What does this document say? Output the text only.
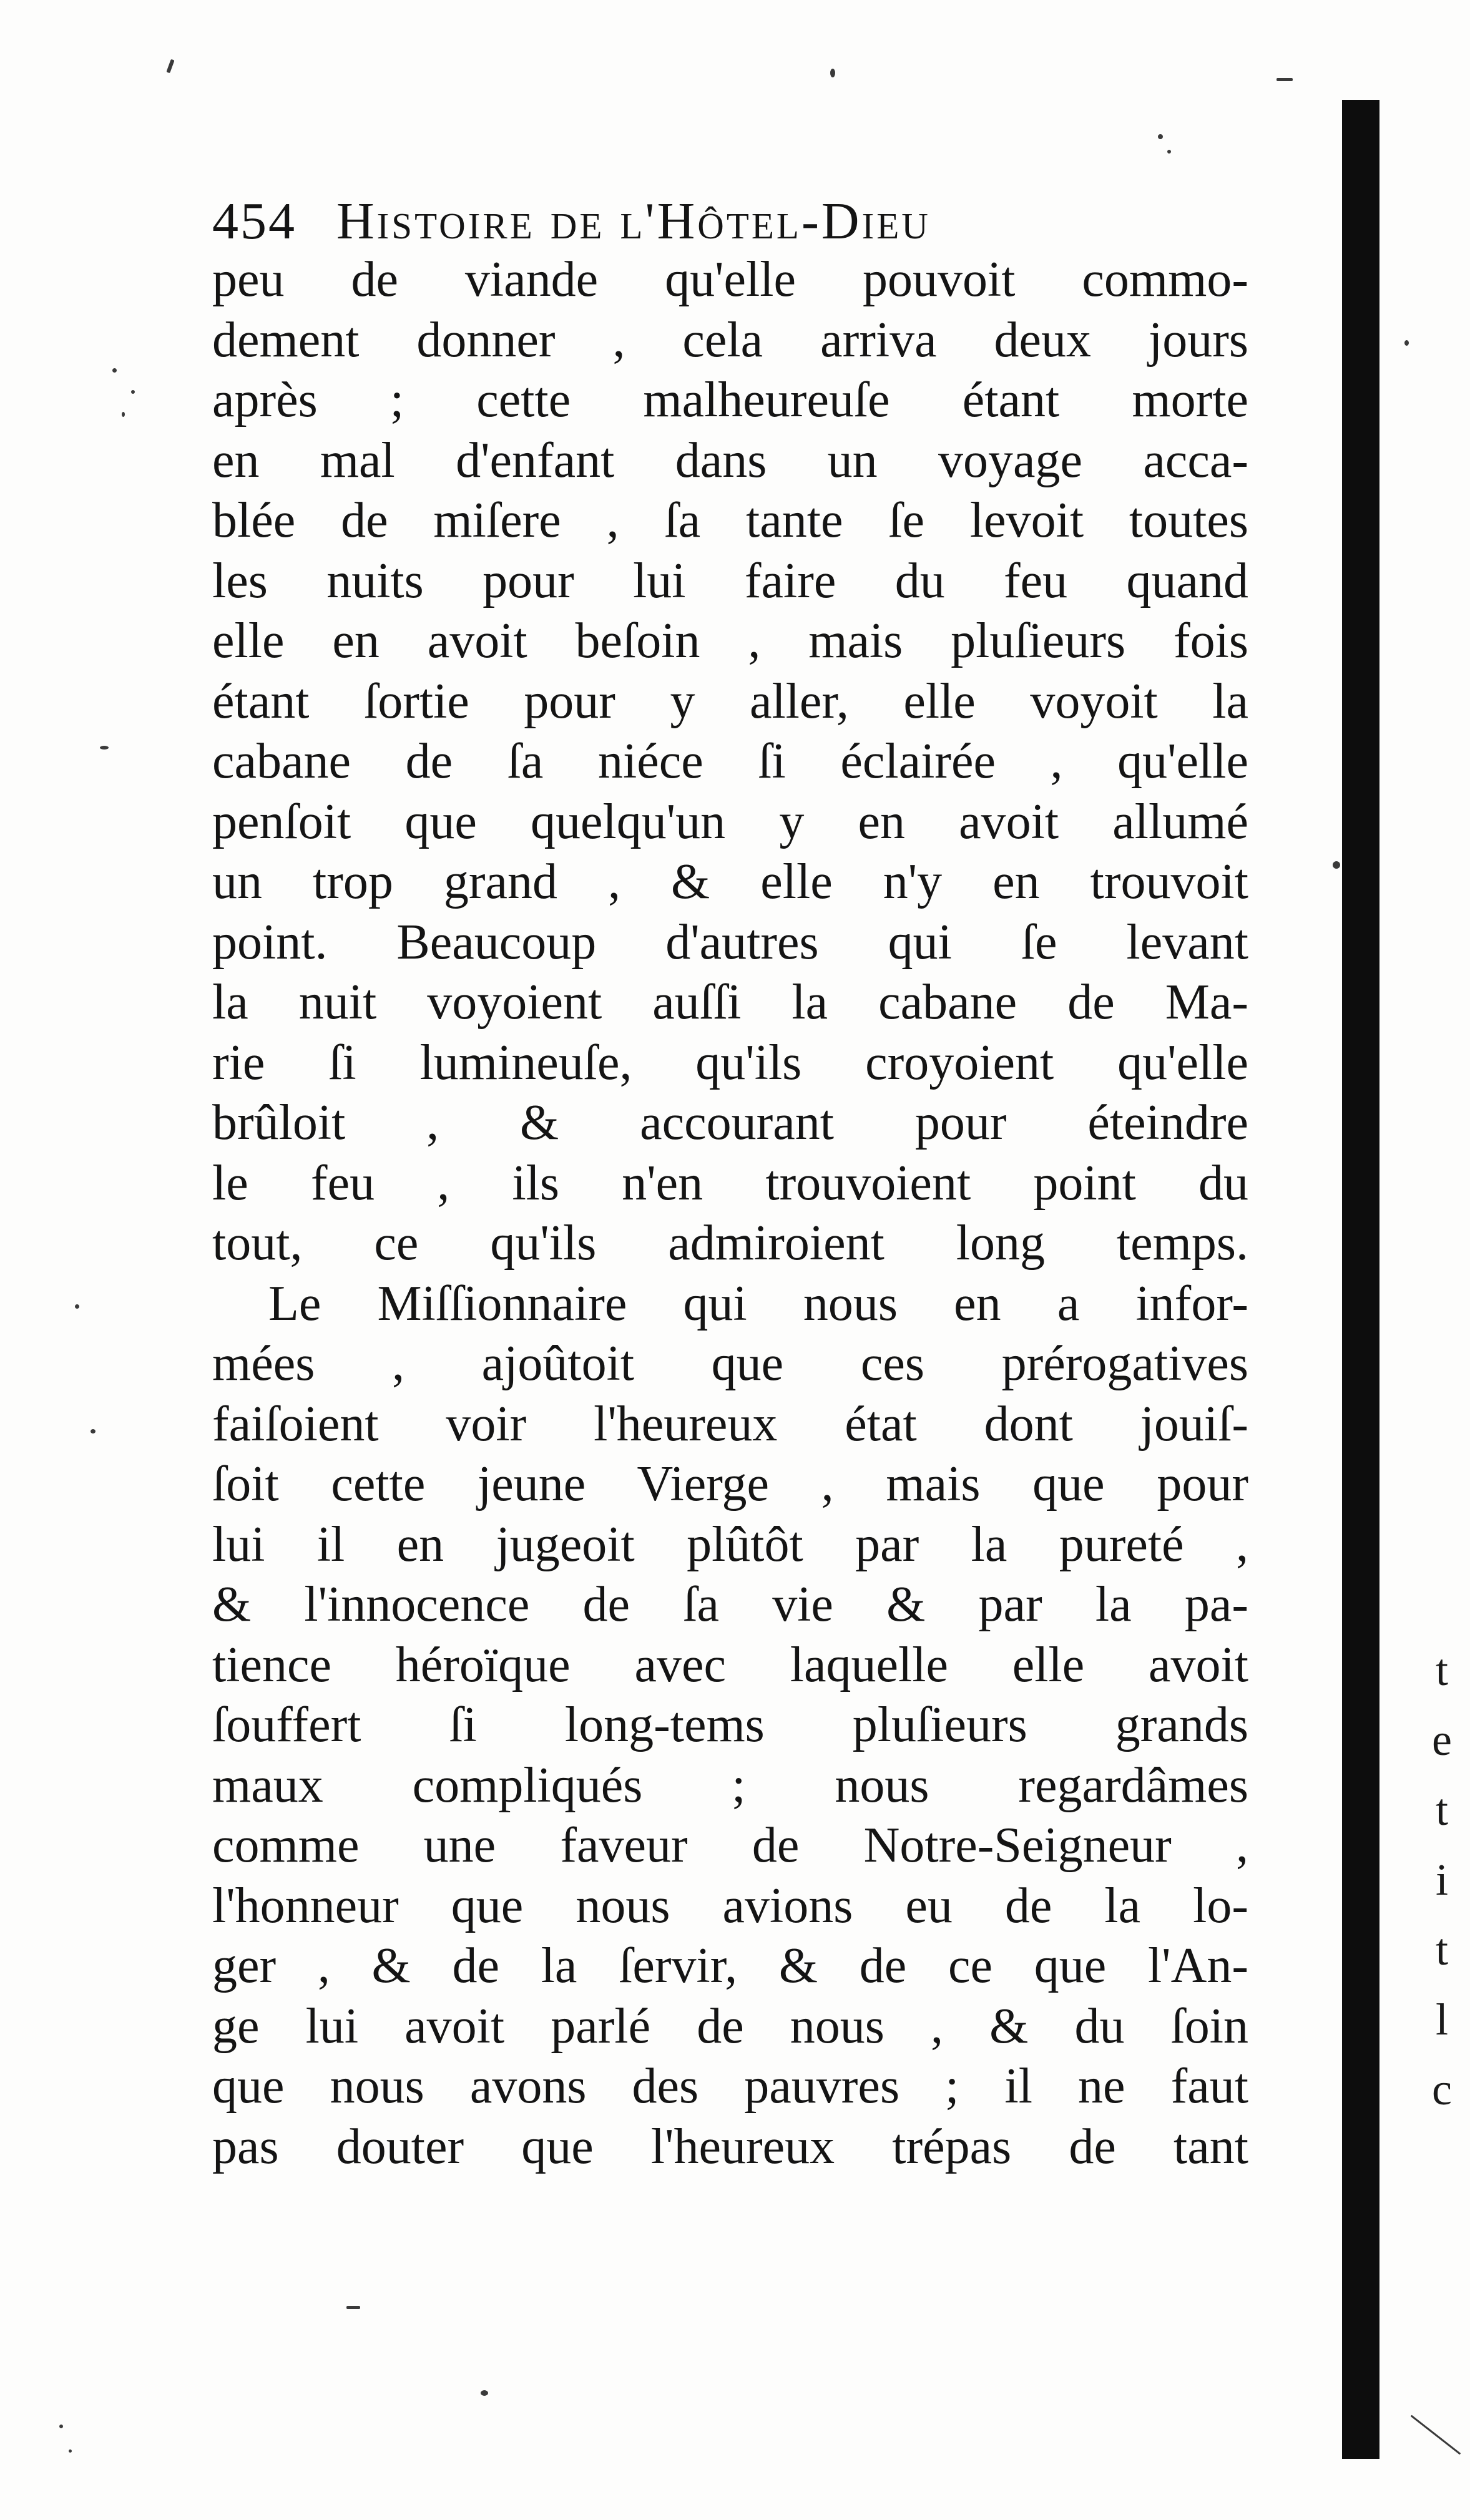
454 Histoire de l'Hôtel-Dieu
peu de viande qu'elle pouvoit commo-
dement donner , cela arriva deux jours
après ; cette malheureuſe étant morte
en mal d'enfant dans un voyage acca-
blée de miſere , ſa tante ſe levoit toutes
les nuits pour lui faire du feu quand
elle en avoit beſoin , mais pluſieurs fois
étant ſortie pour y aller, elle voyoit la
cabane de ſa niéce ſi éclairée , qu'elle
penſoit que quelqu'un y en avoit allumé
un trop grand , & elle n'y en trouvoit
point. Beaucoup d'autres qui ſe levant
la nuit voyoient auſſi la cabane de Ma-
rie ſi lumineuſe, qu'ils croyoient qu'elle
brûloit , & accourant pour éteindre
le feu , ils n'en trouvoient point du
tout, ce qu'ils admiroient long temps.
Le Miſſionnaire qui nous en a infor-
mées , ajoûtoit que ces prérogatives
faiſoient voir l'heureux état dont jouiſ-
ſoit cette jeune Vierge , mais que pour
lui il en jugeoit plûtôt par la pureté ,
& l'innocence de ſa vie & par la pa-
tience héroïque avec laquelle elle avoit
ſouffert ſi long-tems pluſieurs grands
maux compliqués ; nous regardâmes
comme une faveur de Notre-Seigneur ,
l'honneur que nous avions eu de la lo-
ger , & de la ſervir, & de ce que l'An-
ge lui avoit parlé de nous , & du ſoin
que nous avons des pauvres ; il ne faut
pas douter que l'heureux trépas de tant
t
e
t
i
t
l
c
